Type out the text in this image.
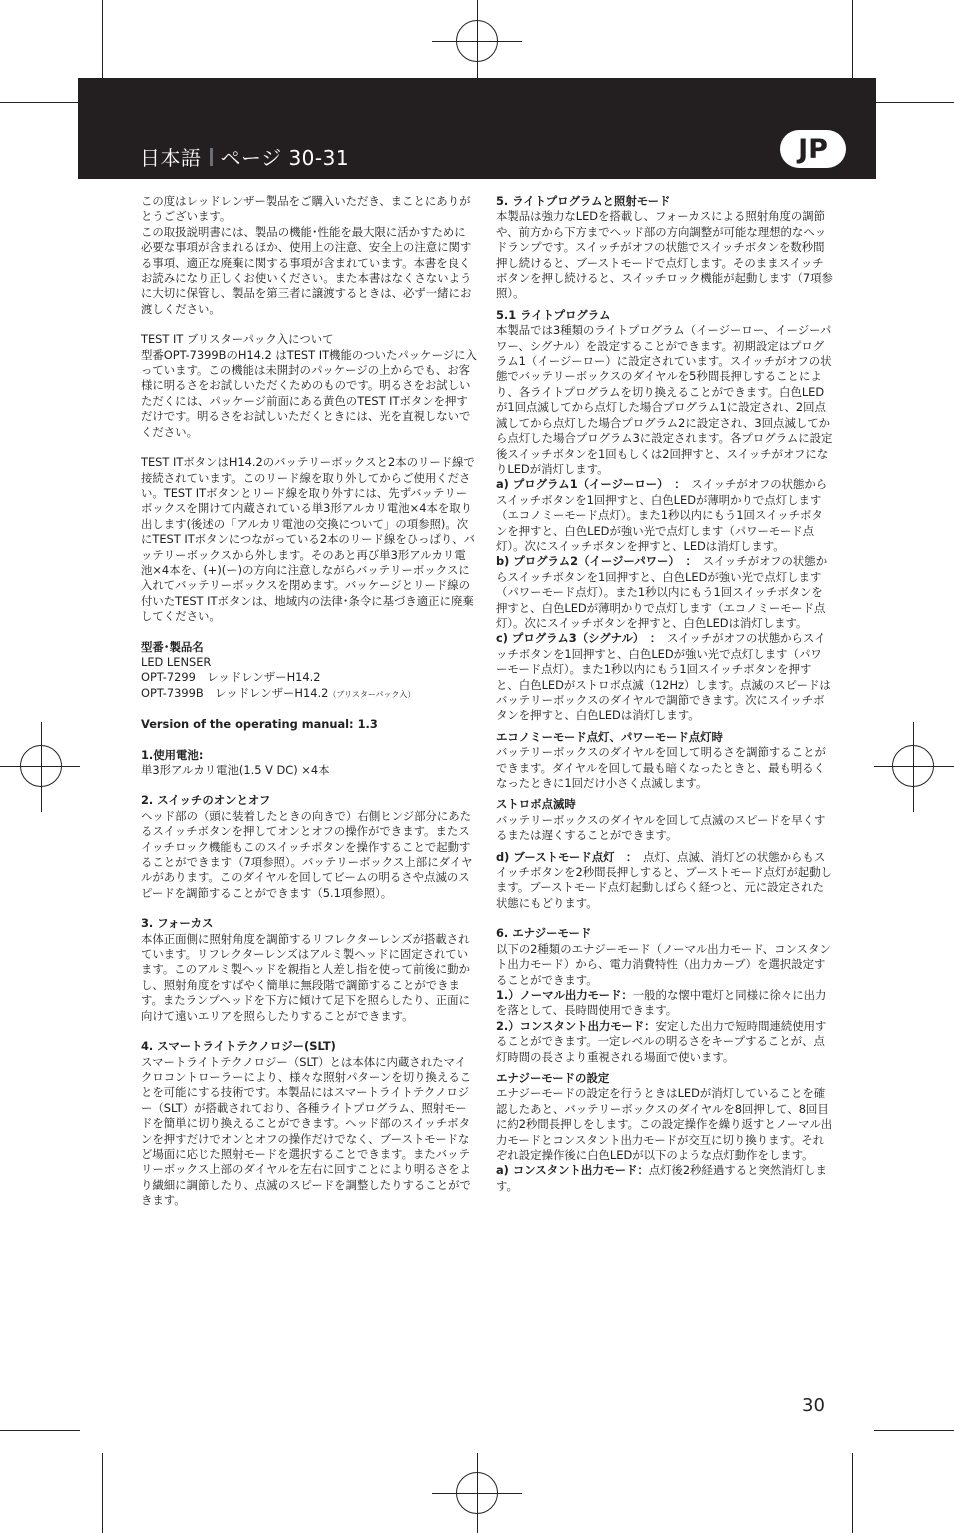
日本語 ページ 30-31	JP

この度はレッドレンザー製品をご購入いただき、まことにありがとうございます。

この取扱説明書には、製品の機能･性能を最大限に活かすために必要な事項が含まれるほか、使用上の注意、安全上の注意に関する事項、適正な廃棄に関する事項が含まれています。本書を良くお読みになり正しくお使いください。また本書はなくさないように大切に保管し、製品を第三者に譲渡するときは、必ず一緒にお渡しください。

TEST IT ブリスターパック入について

型番OPT-7399BのH14.2 はTEST IT機能のついたパッケージに入っています。この機能は未開封のパッケージの上からでも、お客様に明るさをお試しいただくためのものです。明るさをお試しいただくには、パッケージ前面にある黄色のTEST ITボタンを押すだけです。明るさをお試しいただくときには、光を直視しないでください。

TEST ITボタンはH14.2のバッテリーボックスと2本のリード線で接続されています。このリード線を取り外してからご使用ください。TEST ITボタンとリード線を取り外すには、先ずバッテリーボックスを開けて内蔵されている単3形アルカリ電池×4本を取り出します(後述の「アルカリ電池の交換について」の項参照)。次にTEST ITボタンにつながっている2本のリード線をひっぱり、バッテリーボックスから外します。そのあと再び単3形アルカリ電池×4本を、(+)(ー)の方向に注意しながらバッテリーボックスに入れてバッテリーボックスを閉めます。バッケージとリード線の付いたTEST ITボタンは、地域内の法律･条令に基づき適正に廃棄してください。

型番･製品名

LED LENSER

OPT-7299　レッドレンザーH14.2

OPT-7399B　レッドレンザーH14.2（ブリスターパック入）

Version of the operating manual: 1.3

1.使用電池:

単3形アルカリ電池(1.5 V DC) ×4本

2. スイッチのオンとオフ

ヘッド部の（頭に装着したときの向きで）右側ヒンジ部分にあたるスイッチボタンを押してオンとオフの操作ができます。またスイッチロック機能もこのスイッチボタンを操作することで起動することができます（7項参照）。バッテリーボックス上部にダイヤルがあります。このダイヤルを回してビームの明るさや点滅のスピードを調節することができます（5.1項参照）。

3. フォーカス

本体正面側に照射角度を調節するリフレクターレンズが搭載されています。リフレクターレンズはアルミ製ヘッドに固定されています。このアルミ製ヘッドを親指と人差し指を使って前後に動かし、照射角度をすばやく簡単に無段階で調節することができます。またランプヘッドを下方に傾けて足下を照らしたり、正面に向けて遠いエリアを照らしたりすることができます。

4. スマートライトテクノロジー(SLT)

スマートライトテクノロジー（SLT）とは本体に内蔵されたマイクロコントローラーにより、様々な照射パターンを切り換えることを可能にする技術です。本製品にはスマートライトテクノロジー（SLT）が搭載されており、各種ライトプログラム、照射モードを簡単に切り換えることができます。ヘッド部のスイッチボタンを押すだけでオンとオフの操作だけでなく、ブーストモードなど場面に応じた照射モードを選択することできます。またバッテリーボックス上部のダイヤルを左右に回すことにより明るさをより繊細に調節したり、点滅のスピードを調整したりすることができます。

5. ライトプログラムと照射モード

本製品は強力なLEDを搭載し、フォーカスによる照射角度の調節や、前方から下方までヘッド部の方向調整が可能な理想的なヘッドランプです。スイッチがオフの状態でスイッチボタンを数秒間押し続けると、ブーストモードで点灯します。そのままスイッチボタンを押し続けると、スイッチロック機能が起動します（7項参照）。

5.1 ライトプログラム

本製品では3種類のライトプログラム（イージーロー、イージーパワー、シグナル）を設定することができます。初期設定はプログラム1（イージーロー）に設定されています。スイッチがオフの状態でバッテリーボックスのダイヤルを5秒間長押しすることにより、各ライトプログラムを切り換えることができます。白色LEDが1回点滅してから点灯した場合プログラム1に設定され、2回点滅してから点灯した場合プログラム2に設定され、3回点滅してから点灯した場合プログラム3に設定されます。各プログラムに設定後スイッチボタンを1回もしくは2回押すと、スイッチがオフになりLEDが消灯します。

a) プログラム1（イージーロー）　：　スイッチがオフの状態からスイッチボタンを1回押すと、白色LEDが薄明かりで点灯します（エコノミーモード点灯）。また1秒以内にもう1回スイッチボタンを押すと、白色LEDが強い光で点灯します（パワーモード点灯）。次にスイッチボタンを押すと、LEDは消灯します。

b) プログラム2（イージーパワー）　：　スイッチがオフの状態からスイッチボタンを1回押すと、白色LEDが強い光で点灯します（パワーモード点灯）。また1秒以内にもう1回スイッチボタンを押すと、白色LEDが薄明かりで点灯します（エコノミーモード点灯）。次にスイッチボタンを押すと、白色LEDは消灯します。

c) プログラム3（シグナル）　：　スイッチがオフの状態からスイッチボタンを1回押すと、白色LEDが強い光で点灯します（パワーモード点灯）。また1秒以内にもう1回スイッチボタンを押すと、白色LEDがストロボ点滅（12Hz）します。点滅のスピードはバッテリーボックスのダイヤルで調節できます。次にスイッチボタンを押すと、白色LEDは消灯します。

エコノミーモード点灯、パワーモード点灯時

バッテリーボックスのダイヤルを回して明るさを調節することができます。ダイヤルを回して最も暗くなったときと、最も明るくなったときに1回だけ小さく点滅します。

ストロボ点滅時

バッテリーボックスのダイヤルを回して点滅のスピードを早くするまたは遅くすることができます。

d) ブーストモード点灯　：　点灯、点滅、消灯どの状態からもスイッチボタンを2秒間長押しすると、ブーストモード点灯が起動します。ブーストモード点灯起動しばらく経つと、元に設定された状態にもどります。

6. エナジーモード

以下の2種類のエナジーモード（ノーマル出力モード、コンスタント出力モード）から、電力消費特性（出力カーブ）を選択設定することができます。

1.）ノーマル出力モード：一般的な懐中電灯と同様に徐々に出力を落として、長時間使用できます。

2.）コンスタント出力モード：安定した出力で短時間連続使用することができます。一定レベルの明るさをキープすることが、点灯時間の長さより重視される場面で使います。

エナジーモードの設定

エナジーモードの設定を行うときはLEDが消灯していることを確認したあと、バッテリーボックスのダイヤルを8回押して、8回目に約2秒間長押しをします。この設定操作を繰り返すとノーマル出力モードとコンスタント出力モードが交互に切り換ります。それぞれ設定操作後に白色LEDが以下のような点灯動作をします。

a) コンスタント出力モード：点灯後2秒経過すると突然消灯します。

30
